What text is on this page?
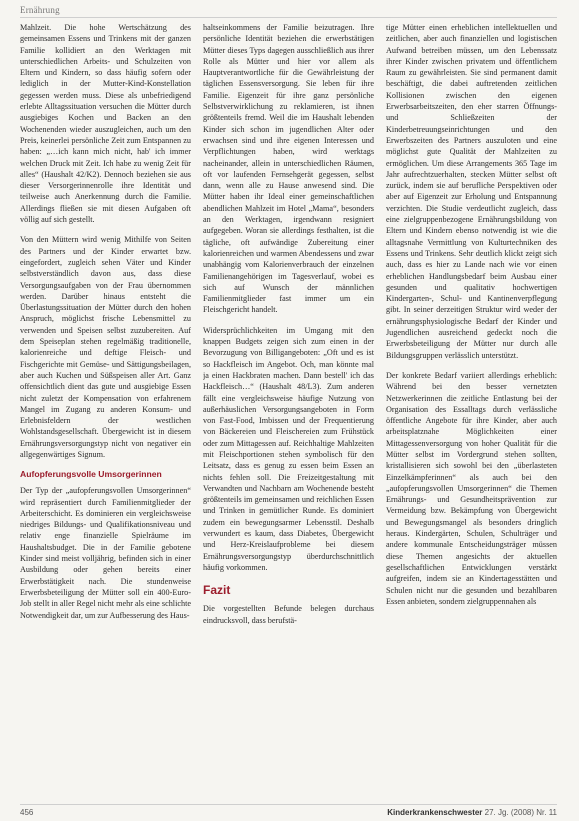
Ernährung

Mahlzeit. Die hohe Wertschätzung des gemeinsamen Essens und Trinkens mit der ganzen Familie kollidiert an den Werktagen mit unterschiedlichen Arbeits- und Schulzeiten von Eltern und Kindern, so dass häufig sofern oder lediglich in der Mutter-Kind-Konstellation gegessen werden muss. Diese als unbefriedigend erlebte Alltagssituation versuchen die Mütter durch ausgiebiges Kochen und Backen an den Wochenenden wieder auszugleichen, auch um den Preis, keinerlei persönliche Zeit zum Entspannen zu haben: „…ich kann mich nicht, hab' ich immer welchen Druck mit Zeit. Ich habe zu wenig Zeit für alles“ (Haushalt 42/K2). Dennoch beziehen sie aus dieser Versorgerinnenrolle ihre Identität und teilweise auch Anerkennung durch die Familie. Allerdings fließen sie mit diesen Aufgaben oft völlig auf sich gestellt.

Von den Müttern wird wenig Mithilfe von Seiten des Partners und der Kinder erwartet bzw. eingefordert, zugleich sehen Väter und Kinder selbstverständlich davon aus, dass diese Versorgungsaufgaben von der Frau übernommen werden. Darüber hinaus entsteht die Überlastungssituation der Mütter durch den hohen Anspruch, möglichst frische Lebensmittel zu verwenden und Speisen selbst zuzubereiten. Auf dem Speiseplan stehen regelmäßig traditionelle, kalorienreiche und deftige Fleisch- und Fischgerichte mit Gemüse- und Sättigungsbeilagen, aber auch Kuchen und Süßspeisen aller Art. Ganz offensichtlich dient das gute und ausgiebige Essen nicht zuletzt der Kompensation von erfahrenem Mangel im Zugang zu anderen Konsum- und Erlebnisfeldern der westlichen Wohlstandsgesellschaft. Übergewicht ist in diesem Ernährungsversorgungstyp nicht von negativer ein allgegenwärtiges Signum.

Aufopferungsvolle Umsorgerinnen

Der Typ der „aufopferungsvollen Umsorgerinnen“ wird repräsentiert durch Familienmitglieder der Arbeiterschicht. Es dominieren ein vergleichsweise niedriges Bildungs- und Qualifikationsniveau und relativ enge finanzielle Spielräume im Haushaltsbudget. Die in der Familie gebotene Kinder sind meist volljährig, befinden sich in einer Ausbildung oder gehen bereits einer Erwerbstätigkeit nach. Die stundenweise Erwerbsbeteiligung der Mütter soll ein 400-Euro-Job stellt in aller Regel nicht mehr als eine schlichte Notwendigkeit dar, um zur Aufbesserung des Haus-

haltseinkommens der Familie beizutragen. Ihre persönliche Identität beziehen die erwerbstätigen Mütter dieses Typs dagegen ausschließlich aus ihrer Rolle als Mütter und hier vor allem als Hauptverantwortliche für die Gewährleistung der täglichen Essensversorgung. Sie leben für ihre Familie. Eigenzeit für ihre ganz persönliche Selbstverwirklichung zu reklamieren, ist ihnen größtenteils fremd. Weil die im Haushalt lebenden Kinder sich schon im jugendlichen Alter oder erwachsen sind und ihre eigenen Interessen und Verpflichtungen haben, wird werktags nacheinander, allein in unterschiedlichen Räumen, oft vor laufenden Fernsehgerät gegessen, selbst dann, wenn alle zu Hause anwesend sind. Die Mütter haben ihr Ideal einer gemeinschaftlichen abendlichen Mahlzeit im Hotel „Mama“, besonders an den Werktagen, irgendwann resigniert aufgegeben. Woran sie allerdings festhalten, ist die tägliche, oft aufwändige Zubereitung einer kalorienreichen und warmen Abendessens und zwar unabhängig vom Kalorienverbrauch der einzelnen Familienangehörigen im Tagesverlauf, wobei es sich auf Wunsch der männlichen Familienmitglieder fast immer um ein Fleischgericht handelt.

Widersprüchlichkeiten im Umgang mit den knappen Budgets zeigen sich zum einen in der Bevorzugung von Billigangeboten: „Oft und es ist so Hackfleisch im Angebot. Och, man könnte mal ja einen Hackbraten machen. Dann bestell' ich das Hackfleisch…“ (Haushalt 48/L3). Zum anderen fällt eine vergleichsweise häufige Nutzung von außerhäuslichen Versorgungsangeboten in Form von Fast-Food, Imbissen und der Frequentierung von Bäckereien und Fleischereien zum Frühstück oder zum Mittagessen auf. Reichhaltige Mahlzeiten mit Fleischportionen stehen symbolisch für den Leitsatz, dass es genug zu essen beim Essen an nichts fehlen soll. Die Freizeitgestaltung mit Verwandten und Nachbarn am Wochenende besteht größtenteils im gemeinsamen und reichlichen Essen und Trinken in gemütlicher Runde. Es dominiert zudem ein bewegungsarmer Lebensstil. Deshalb verwundert es kaum, dass Diabetes, Übergewicht und Herz-Kreislaufprobleme bei diesem Ernährungsversorgungstyp überdurchschnittlich häufig vorkommen.

Fazit

Die vorgestellten Befunde belegen durchaus eindrucksvoll, dass berufstä-

tige Mütter einen erheblichen intellektuellen und zeitlichen, aber auch finanziellen und logistischen Aufwand betreiben müssen, um den Lebenssatz ihrer Kinder zwischen privatem und öffentlichem Raum zu gewährleisten. Sie sind permanent damit beschäftigt, die dabei auftretenden zeitlichen Kollisionen zwischen den eigenen Erwerbsarbeitszeiten, den eher starren Öffnungs- und Schließzeiten der Kinderbetreuungseinrichtungen und den Erwerbszeiten des Partners auszuloten und eine möglichst gute Qualität der Mahlzeiten zu ermöglichen. Um diese Arrangements 365 Tage im Jahr aufrechtzuerhalten, stecken Mütter selbst oft zurück, indem sie auf berufliche Perspektiven oder aber auf Eigenzeit zur Erholung und Entspannung verzichten. Die Studie verdeutlicht zugleich, dass eine zielgruppenbezogene Ernährungsbildung von Eltern und Kindern ebenso notwendig ist wie die alltagsnahe Vermittlung von Kulturtechniken des Essens und Trinkens. Sehr deutlich klickt zeigt sich auch, dass es hier zu Lande nach wie vor einen erheblichen Handlungsbedarf beim Ausbau einer gesunden und qualitativ hochwertigen Kindergarten-, Schul- und Kantinenverpflegung gibt. In seiner derzeitigen Struktur wird weder der ernährungsphysiologische Bedarf der Kinder und Jugendlichen ausreichend gedeckt noch die Erwerbsbeteiligung der Mütter nur durch alle Bildungsgruppen verlässlich unterstützt.

Der konkrete Bedarf variiert allerdings erheblich: Während bei den besser vernetzten Netzwerkerinnen die zeitliche Entlastung bei der Organisation des Essalltags durch verlässliche öffentliche Angebote für ihre Kinder, aber auch arbeitsplatznahe Möglichkeiten einer Mittagessenversorgung von hoher Qualität für die Mütter selbst im Vordergrund stehen sollten, kristallisieren sich sowohl bei den „überlasteten Einzelkämpferinnen“ als auch bei den „aufopferungsvollen Umsorgerinnen“ die Themen Ernährungs- und Gesundheitsprävention zur Vermeidung bzw. Bekämpfung von Übergewicht und Bewegungsmangel als besonders dringlich heraus. Kindergärten, Schulen, Schulträger und andere kommunale Entscheidungsträger müssen diese Themen angesichts der aktuellen gesellschaftlichen Entwicklungen verstärkt aufgreifen, indem sie an Kindertagesstätten und Schulen nicht nur die gesunden und bezahlbaren Essen anbieten, sondern zielgruppennahen als

456	Kinderkrankenschwester 27. Jg. (2008) Nr. 11
